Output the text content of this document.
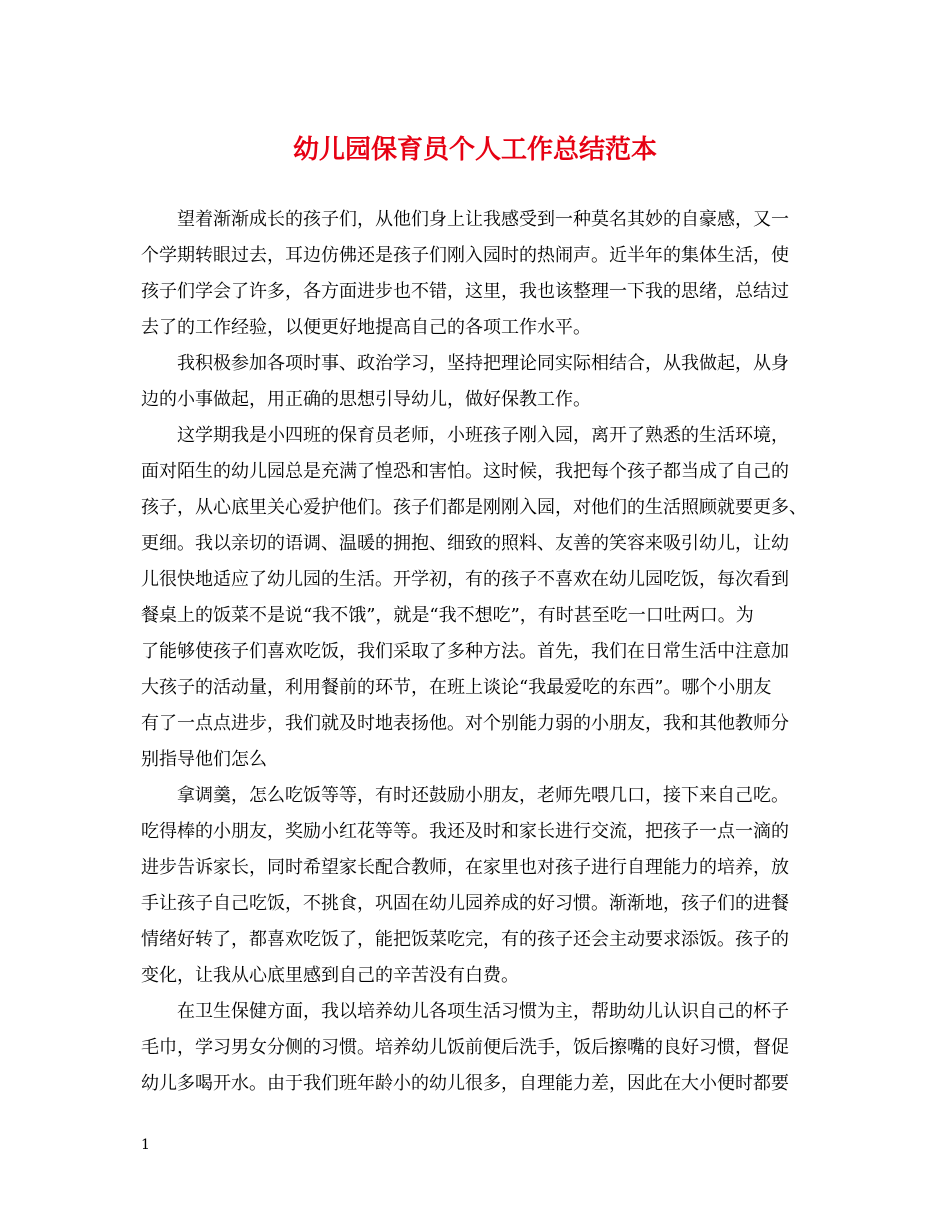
幼儿园保育员个人工作总结范本
望着渐渐成长的孩子们，从他们身上让我感受到一种莫名其妙的自豪感，又一
个学期转眼过去，耳边仿佛还是孩子们刚入园时的热闹声。近半年的集体生活，使
孩子们学会了许多，各方面进步也不错，这里，我也该整理一下我的思绪，总结过
去了的工作经验，以便更好地提高自己的各项工作水平。
我积极参加各项时事、政治学习，坚持把理论同实际相结合，从我做起，从身
边的小事做起，用正确的思想引导幼儿，做好保教工作。
这学期我是小四班的保育员老师，小班孩子刚入园，离开了熟悉的生活环境，
面对陌生的幼儿园总是充满了惶恐和害怕。这时候，我把每个孩子都当成了自己的
孩子，从心底里关心爱护他们。孩子们都是刚刚入园，对他们的生活照顾就要更多、
更细。我以亲切的语调、温暖的拥抱、细致的照料、友善的笑容来吸引幼儿，让幼
儿很快地适应了幼儿园的生活。开学初，有的孩子不喜欢在幼儿园吃饭，每次看到
餐桌上的饭菜不是说“我不饿”，就是“我不想吃”，有时甚至吃一口吐两口。为
了能够使孩子们喜欢吃饭，我们采取了多种方法。首先，我们在日常生活中注意加
大孩子的活动量，利用餐前的环节，在班上谈论“我最爱吃的东西”。哪个小朋友
有了一点点进步，我们就及时地表扬他。对个别能力弱的小朋友，我和其他教师分
别指导他们怎么
拿调羹，怎么吃饭等等，有时还鼓励小朋友，老师先喂几口，接下来自己吃。
吃得棒的小朋友，奖励小红花等等。我还及时和家长进行交流，把孩子一点一滴的
进步告诉家长，同时希望家长配合教师，在家里也对孩子进行自理能力的培养，放
手让孩子自己吃饭，不挑食，巩固在幼儿园养成的好习惯。渐渐地，孩子们的进餐
情绪好转了，都喜欢吃饭了，能把饭菜吃完，有的孩子还会主动要求添饭。孩子的
变化，让我从心底里感到自己的辛苦没有白费。
在卫生保健方面，我以培养幼儿各项生活习惯为主，帮助幼儿认识自己的杯子
毛巾，学习男女分侧的习惯。培养幼儿饭前便后洗手，饭后擦嘴的良好习惯，督促
幼儿多喝开水。由于我们班年龄小的幼儿很多，自理能力差，因此在大小便时都要
1
